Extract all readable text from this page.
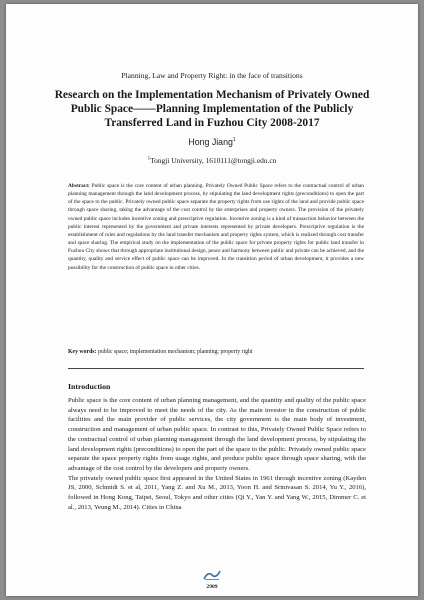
Planning, Law and Property Right: in the face of transitions
Research on the Implementation Mechanism of Privately Owned Public Space——Planning Implementation of the Publicly Transferred Land in Fuzhou City 2008-2017
Hong Jiang$^1$
$^1$Tongji University, 1610111@tongji.edu.cn
Abstract: Public space is the core content of urban planning. Privately Owned Public Space refers to the contractual control of urban planning management through the land development process, by stipulating the land development rights (preconditions) to open the part of the space to the public. Privately owned public space separate the property rights from use rights of the land and provide public space through space sharing, taking the advantage of the cost control by the enterprises and property owners. The provision of the privately owned public space includes incentive zoning and prescriptive regulation. Incentive zoning is a kind of transaction behavior between the public interest represented by the government and private interests represented by private developers. Prescriptive regulation is the establishment of rules and regulations by the land transfer mechanism and property rights system, which is realized through cost transfer and space sharing. The empirical study on the implementation of the public space for private property rights for public land transfer in Fuzhou City shows that through appropriate institutional design, peace and harmony between public and private can be achieved, and the quantity, quality and service effect of public space can be improved. In the transition period of urban development, it provides a new possibility for the construction of public space in other cities.
Key words: public space; implementation mechanism; planning; property right
Introduction

Public space is the core content of urban planning management, and the quantity and quality of the public space always need to be improved to meet the needs of the city. As the main investor in the construction of public facilities and the main provider of public services, the city government is the main body of investment, construction and management of urban public space. In contrast to this, Privately Owned Public Space refers to the contractual control of urban planning management through the land development process, by stipulating the land development rights (preconditions) to open the part of the space to the public. Privately owned public space separate the space property rights from usage rights, and produce public space through space sharing, with the advantage of the cost control by the developers and property owners.

The privately owned public space first appeared in the United States in 1961 through incentive zoning (Kayden JS, 2000, Schmidt S. et al, 2011, Yang Z. and Xu M., 2013, Yoon H. and Srinivasan S. 2014, Yu Y., 2016), followed in Hong Kong, Taipei, Seoul, Tokyo and other cities (Qi Y., Yan Y. and Yang W., 2015, Dimmer C. et al., 2013, Yeung M., 2014). Cities in China

2909
